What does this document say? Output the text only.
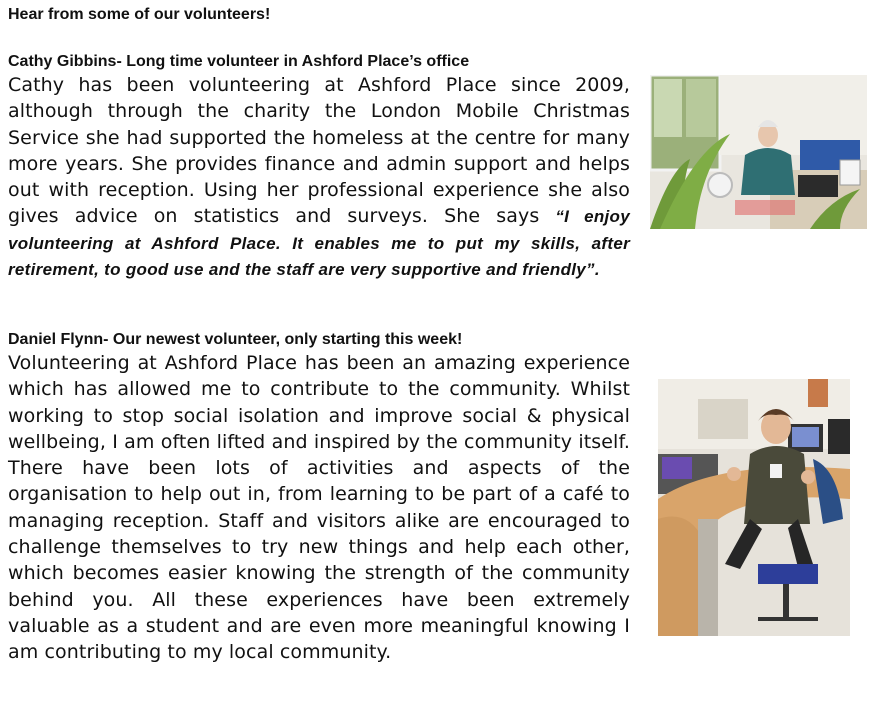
Hear from some of our volunteers!
Cathy Gibbins- Long time volunteer in Ashford Place’s office

Cathy has been volunteering at Ashford Place since 2009, although through the charity the London Mobile Christmas Service she had supported the homeless at the centre for many more years. She provides finance and admin support and helps out with reception. Using her professional experience she also gives advice on statistics and surveys. She says “I enjoy volunteering at Ashford Place. It enables me to put my skills, after retirement, to good use and the staff are very supportive and friendly”.

Daniel Flynn- Our newest volunteer, only starting this week!

Volunteering at Ashford Place has been an amazing experience which has allowed me to contribute to the community. Whilst working to stop social isolation and improve social & physical wellbeing, I am often lifted and inspired by the community itself. There have been lots of activities and aspects of the organisation to help out in, from learning to be part of a café to managing reception. Staff and visitors alike are encouraged to challenge themselves to try new things and help each other, which becomes easier knowing the strength of the community behind you. All these experiences have been extremely valuable as a student and are even more meaningful knowing I am contributing to my local community.
